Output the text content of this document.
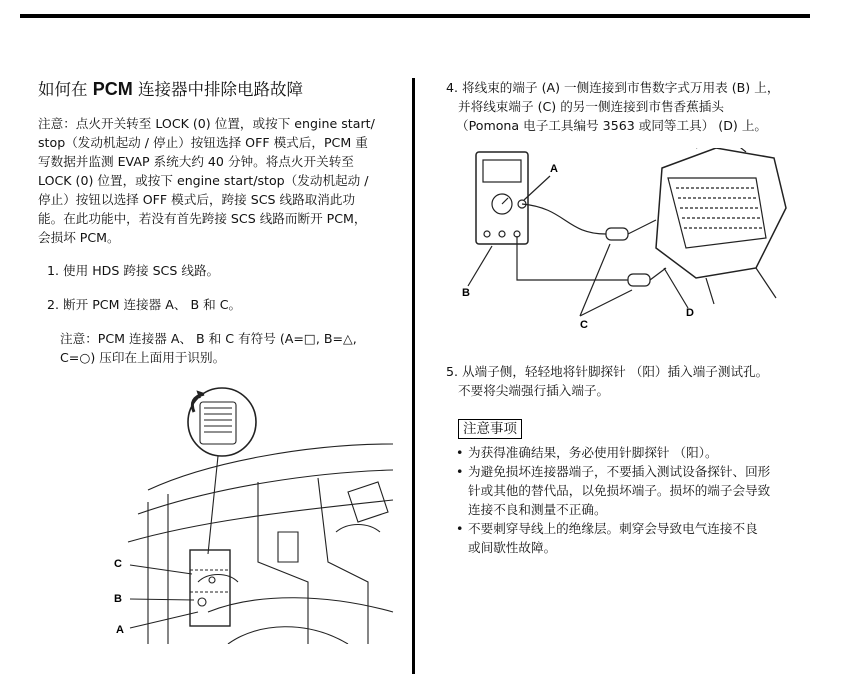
如何在 PCM 连接器中排除电路故障
注意：点火开关转至 LOCK (0) 位置，或按下 engine start/
stop（发动机起动 / 停止）按钮选择 OFF 模式后，PCM 重
写数据并监测 EVAP 系统大约 40 分钟。将点火开关转至
LOCK (0) 位置，或按下 engine start/stop（发动机起动 /
停止）按钮以选择 OFF 模式后，跨接 SCS 线路取消此功
能。在此功能中，若没有首先跨接 SCS 线路而断开 PCM，
会损坏 PCM。
1. 使用 HDS 跨接 SCS 线路。
2. 断开 PCM 连接器 A、 B 和 C。
注意：PCM 连接器 A、 B 和 C 有符号 (A=□, B=△,
C=○) 压印在上面用于识别。
C
B
A
4. 将线束的端子 (A) 一侧连接到市售数字式万用表 (B) 上，
并将线束端子 (C) 的另一侧连接到市售香蕉插头
（Pomona 电子工具编号 3563 或同等工具） (D) 上。
A
B
C
D
5. 从端子侧，轻轻地将针脚探针 （阳）插入端子测试孔。
不要将尖端强行插入端子。
注意事项
• 为获得准确结果，务必使用针脚探针 （阳）。
• 为避免损坏连接器端子，不要插入测试设备探针、回形
针或其他的替代品，以免损坏端子。损坏的端子会导致
连接不良和测量不正确。
• 不要刺穿导线上的绝缘层。刺穿会导致电气连接不良
或间歇性故障。
